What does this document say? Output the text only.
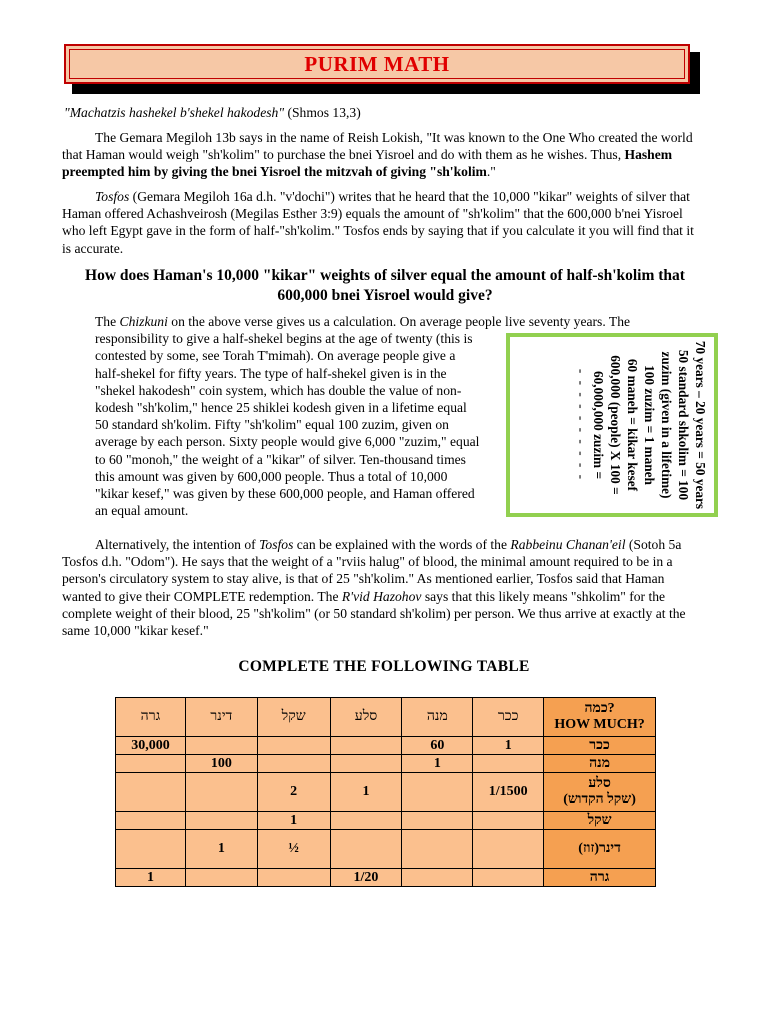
PURIM MATH

"Machatzis hashekel b'shekel hakodesh" (Shmos 13,3)

The Gemara Megiloh 13b says in the name of Reish Lokish, "It was known to the One Who created the world that Haman would weigh "sh'kolim" to purchase the bnei Yisroel and do with them as he wishes. Thus, Hashem preempted him by giving the bnei Yisroel the mitzvah of giving "sh'kolim."

Tosfos (Gemara Megiloh 16a d.h. "v'dochi") writes that he heard that the 10,000 "kikar" weights of silver that Haman offered Achashveirosh (Megilas Esther 3:9) equals the amount of "sh'kolim" that the 600,000 b'nei Yisroel who left Egypt gave in the form of half-"sh'kolim." Tosfos ends by saying that if you calculate it you will find that it is accurate.

How does Haman's 10,000 "kikar" weights of silver equal the amount of half-sh'kolim that 600,000 bnei Yisroel would give?

The Chizkuni on the above verse gives us a calculation. On average people live seventy years. The
responsibility to give a half-shekel begins at the age of twenty (this is
contested by some, see Torah T'mimah). On average people give a
half-shekel for fifty years. The type of half-shekel given is in the
"shekel hakodesh" coin system, which has double the value of non-
kodesh "sh'kolim," hence 25 shiklei kodesh given in a lifetime equal
50 standard sh'kolim. Fifty "sh'kolim" equal 100 zuzim, given on
average by each person. Sixty people would give 6,000 "zuzim," equal
to 60 "monoh," the weight of a "kikar" of silver. Ten-thousand times
this amount was given by 600,000 people. Thus a total of 10,000
"kikar kesef," was given by these 600,000 people, and Haman offered
an equal amount.

70 years – 20 years = 50 years
50 standard shkolim = 100 zuzim (given in a lifetime)
100 zuzim = 1 maneh
60 maneh = kikar kesef
600,000 (people) X 100 = 60,000,000 zuzim =
- - - - - - - - - -

Alternatively, the intention of Tosfos can be explained with the words of the Rabbeinu Chanan'eil (Sotoh 5a Tosfos d.h. "Odom"). He says that the weight of a "rviis halug" of blood, the minimal amount required to be in a person's circulatory system to stay alive, is that of 25 "sh'kolim." As mentioned earlier, Tosfos said that Haman wanted to give their COMPLETE redemption. The R'vid Hazohov says that this likely means "shkolim" for the complete weight of their blood, 25 "sh'kolim" (or 50 standard sh'kolim) per person. We thus arrive at exactly at the same 10,000 "kikar kesef."

COMPLETE THE FOLLOWING TABLE
גרה	דינר	שקל	סלע	מנה	ככר	כמה?
HOW MUCH?
30,000				60	1	ככר
	100			1		מנה
		2	1		1/1500	סלע
(שקל הקדוש)
		1				שקל
	1	½				(דינר(זוז
1			1/20			גרה
